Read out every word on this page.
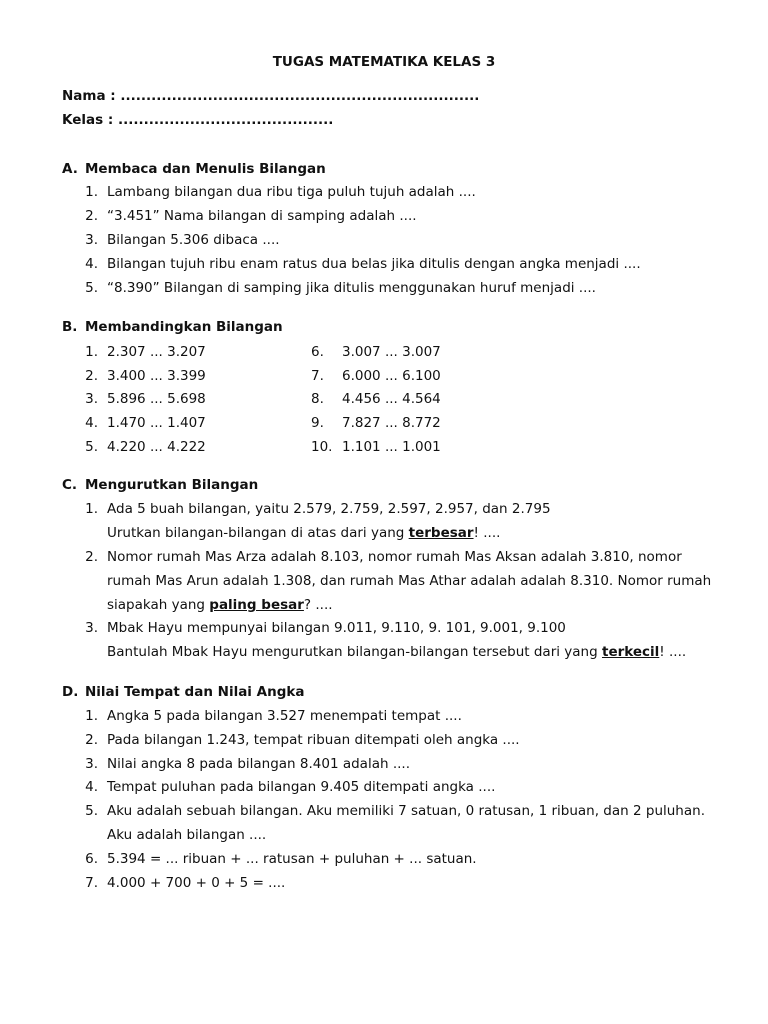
TUGAS MATEMATIKA KELAS 3
Nama : ......................................................................
Kelas : ..........................................
A. Membaca dan Menulis Bilangan
1. Lambang bilangan dua ribu tiga puluh tujuh adalah ....
2. “3.451” Nama bilangan di samping adalah ....
3. Bilangan 5.306 dibaca ....
4. Bilangan tujuh ribu enam ratus dua belas jika ditulis dengan angka menjadi ....
5. “8.390” Bilangan di samping jika ditulis menggunakan huruf menjadi ....
B. Membandingkan Bilangan
1. 2.307 ... 3.207
2. 3.400 ... 3.399
3. 5.896 ... 5.698
4. 1.470 ... 1.407
5. 4.220 ... 4.222
6. 3.007 ... 3.007
7. 6.000 ... 6.100
8. 4.456 ... 4.564
9. 7.827 ... 8.772
10. 1.101 ... 1.001
C. Mengurutkan Bilangan
1. Ada 5 buah bilangan, yaitu 2.579, 2.759, 2.597, 2.957, dan 2.795
Urutkan bilangan-bilangan di atas dari yang terbesar! ....
2. Nomor rumah Mas Arza adalah 8.103, nomor rumah Mas Aksan adalah 3.810, nomor
rumah Mas Arun adalah 1.308, dan rumah Mas Athar adalah adalah 8.310. Nomor rumah
siapakah yang paling besar? ....
3. Mbak Hayu mempunyai bilangan 9.011, 9.110, 9. 101, 9.001, 9.100
Bantulah Mbak Hayu mengurutkan bilangan-bilangan tersebut dari yang terkecil! ....
D. Nilai Tempat dan Nilai Angka
1. Angka 5 pada bilangan 3.527 menempati tempat ....
2. Pada bilangan 1.243, tempat ribuan ditempati oleh angka ....
3. Nilai angka 8 pada bilangan 8.401 adalah ....
4. Tempat puluhan pada bilangan 9.405 ditempati angka ....
5. Aku adalah sebuah bilangan. Aku memiliki 7 satuan, 0 ratusan, 1 ribuan, dan 2 puluhan.
Aku adalah bilangan ....
6. 5.394 = ... ribuan + ... ratusan + puluhan + ... satuan.
7. 4.000 + 700 + 0 + 5 = ....
